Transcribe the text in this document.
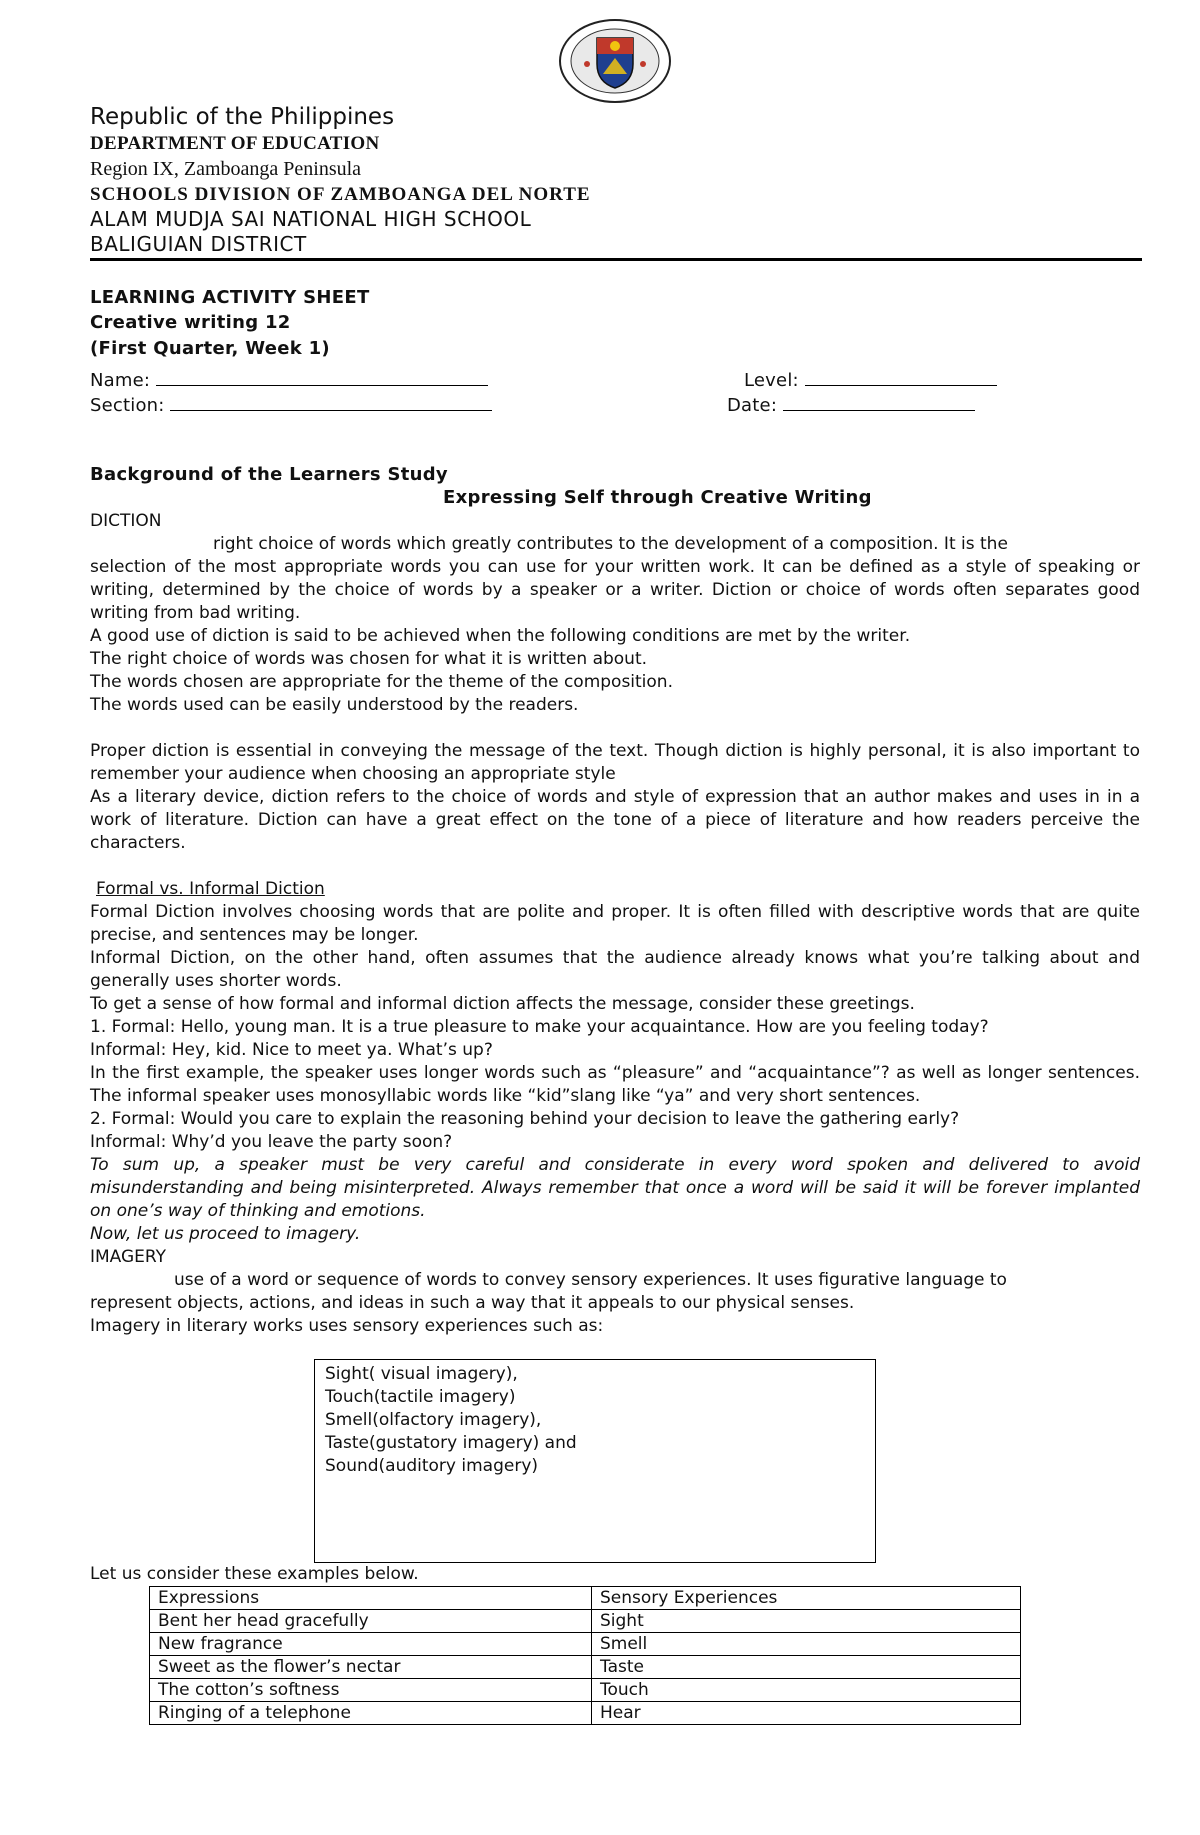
Republic of the Philippines
DEPARTMENT OF EDUCATION
Region IX, Zamboanga Peninsula
SCHOOLS DIVISION OF ZAMBOANGA DEL NORTE
ALAM MUDJA SAI NATIONAL HIGH SCHOOL
BALIGUIAN DISTRICT
LEARNING ACTIVITY SHEET
Creative writing 12
(First Quarter, Week 1)
Name:	Level:
Section:	Date:
Background of the Learners Study
Expressing Self through Creative Writing

DICTION

right choice of words which greatly contributes to the development of a composition. It is the

selection of the most appropriate words you can use for your written work. It can be defined as a style of speaking or writing, determined by the choice of words by a speaker or a writer. Diction or choice of words often separates good writing from bad writing.

A good use of diction is said to be achieved when the following conditions are met by the writer.

The right choice of words was chosen for what it is written about.

The words chosen are appropriate for the theme of the composition.

The words used can be easily understood by the readers.

Proper diction is essential in conveying the message of the text. Though diction is highly personal, it is also important to remember your audience when choosing an appropriate style

As a literary device, diction refers to the choice of words and style of expression that an author makes and uses in in a work of literature. Diction can have a great effect on the tone of a piece of literature and how readers perceive the characters.

Formal vs. Informal Diction

Formal Diction involves choosing words that are polite and proper. It is often filled with descriptive words that are quite precise, and sentences may be longer.

Informal Diction, on the other hand, often assumes that the audience already knows what you’re talking about and generally uses shorter words.

To get a sense of how formal and informal diction affects the message, consider these greetings.

1. Formal: Hello, young man. It is a true pleasure to make your acquaintance. How are you feeling today?

Informal: Hey, kid. Nice to meet ya. What’s up?

In the first example, the speaker uses longer words such as “pleasure” and “acquaintance”? as well as longer sentences. The informal speaker uses monosyllabic words like “kid”slang like “ya” and very short sentences.

2. Formal: Would you care to explain the reasoning behind your decision to leave the gathering early?

Informal: Why’d you leave the party soon?

To sum up, a speaker must be very careful and considerate in every word spoken and delivered to avoid misunderstanding and being misinterpreted. Always remember that once a word will be said it will be forever implanted on one’s way of thinking and emotions.

Now, let us proceed to imagery.

IMAGERY

use of a word or sequence of words to convey sensory experiences. It uses figurative language to

represent objects, actions, and ideas in such a way that it appeals to our physical senses.

Imagery in literary works uses sensory experiences such as:

Sight( visual imagery),
Touch(tactile imagery)
Smell(olfactory imagery),
Taste(gustatory imagery) and
Sound(auditory imagery)
Let us consider these examples below.
Expressions	Sensory Experiences
Bent her head gracefully	Sight
New fragrance	Smell
Sweet as the flower’s nectar	Taste
The cotton’s softness	Touch
Ringing of a telephone	Hear
